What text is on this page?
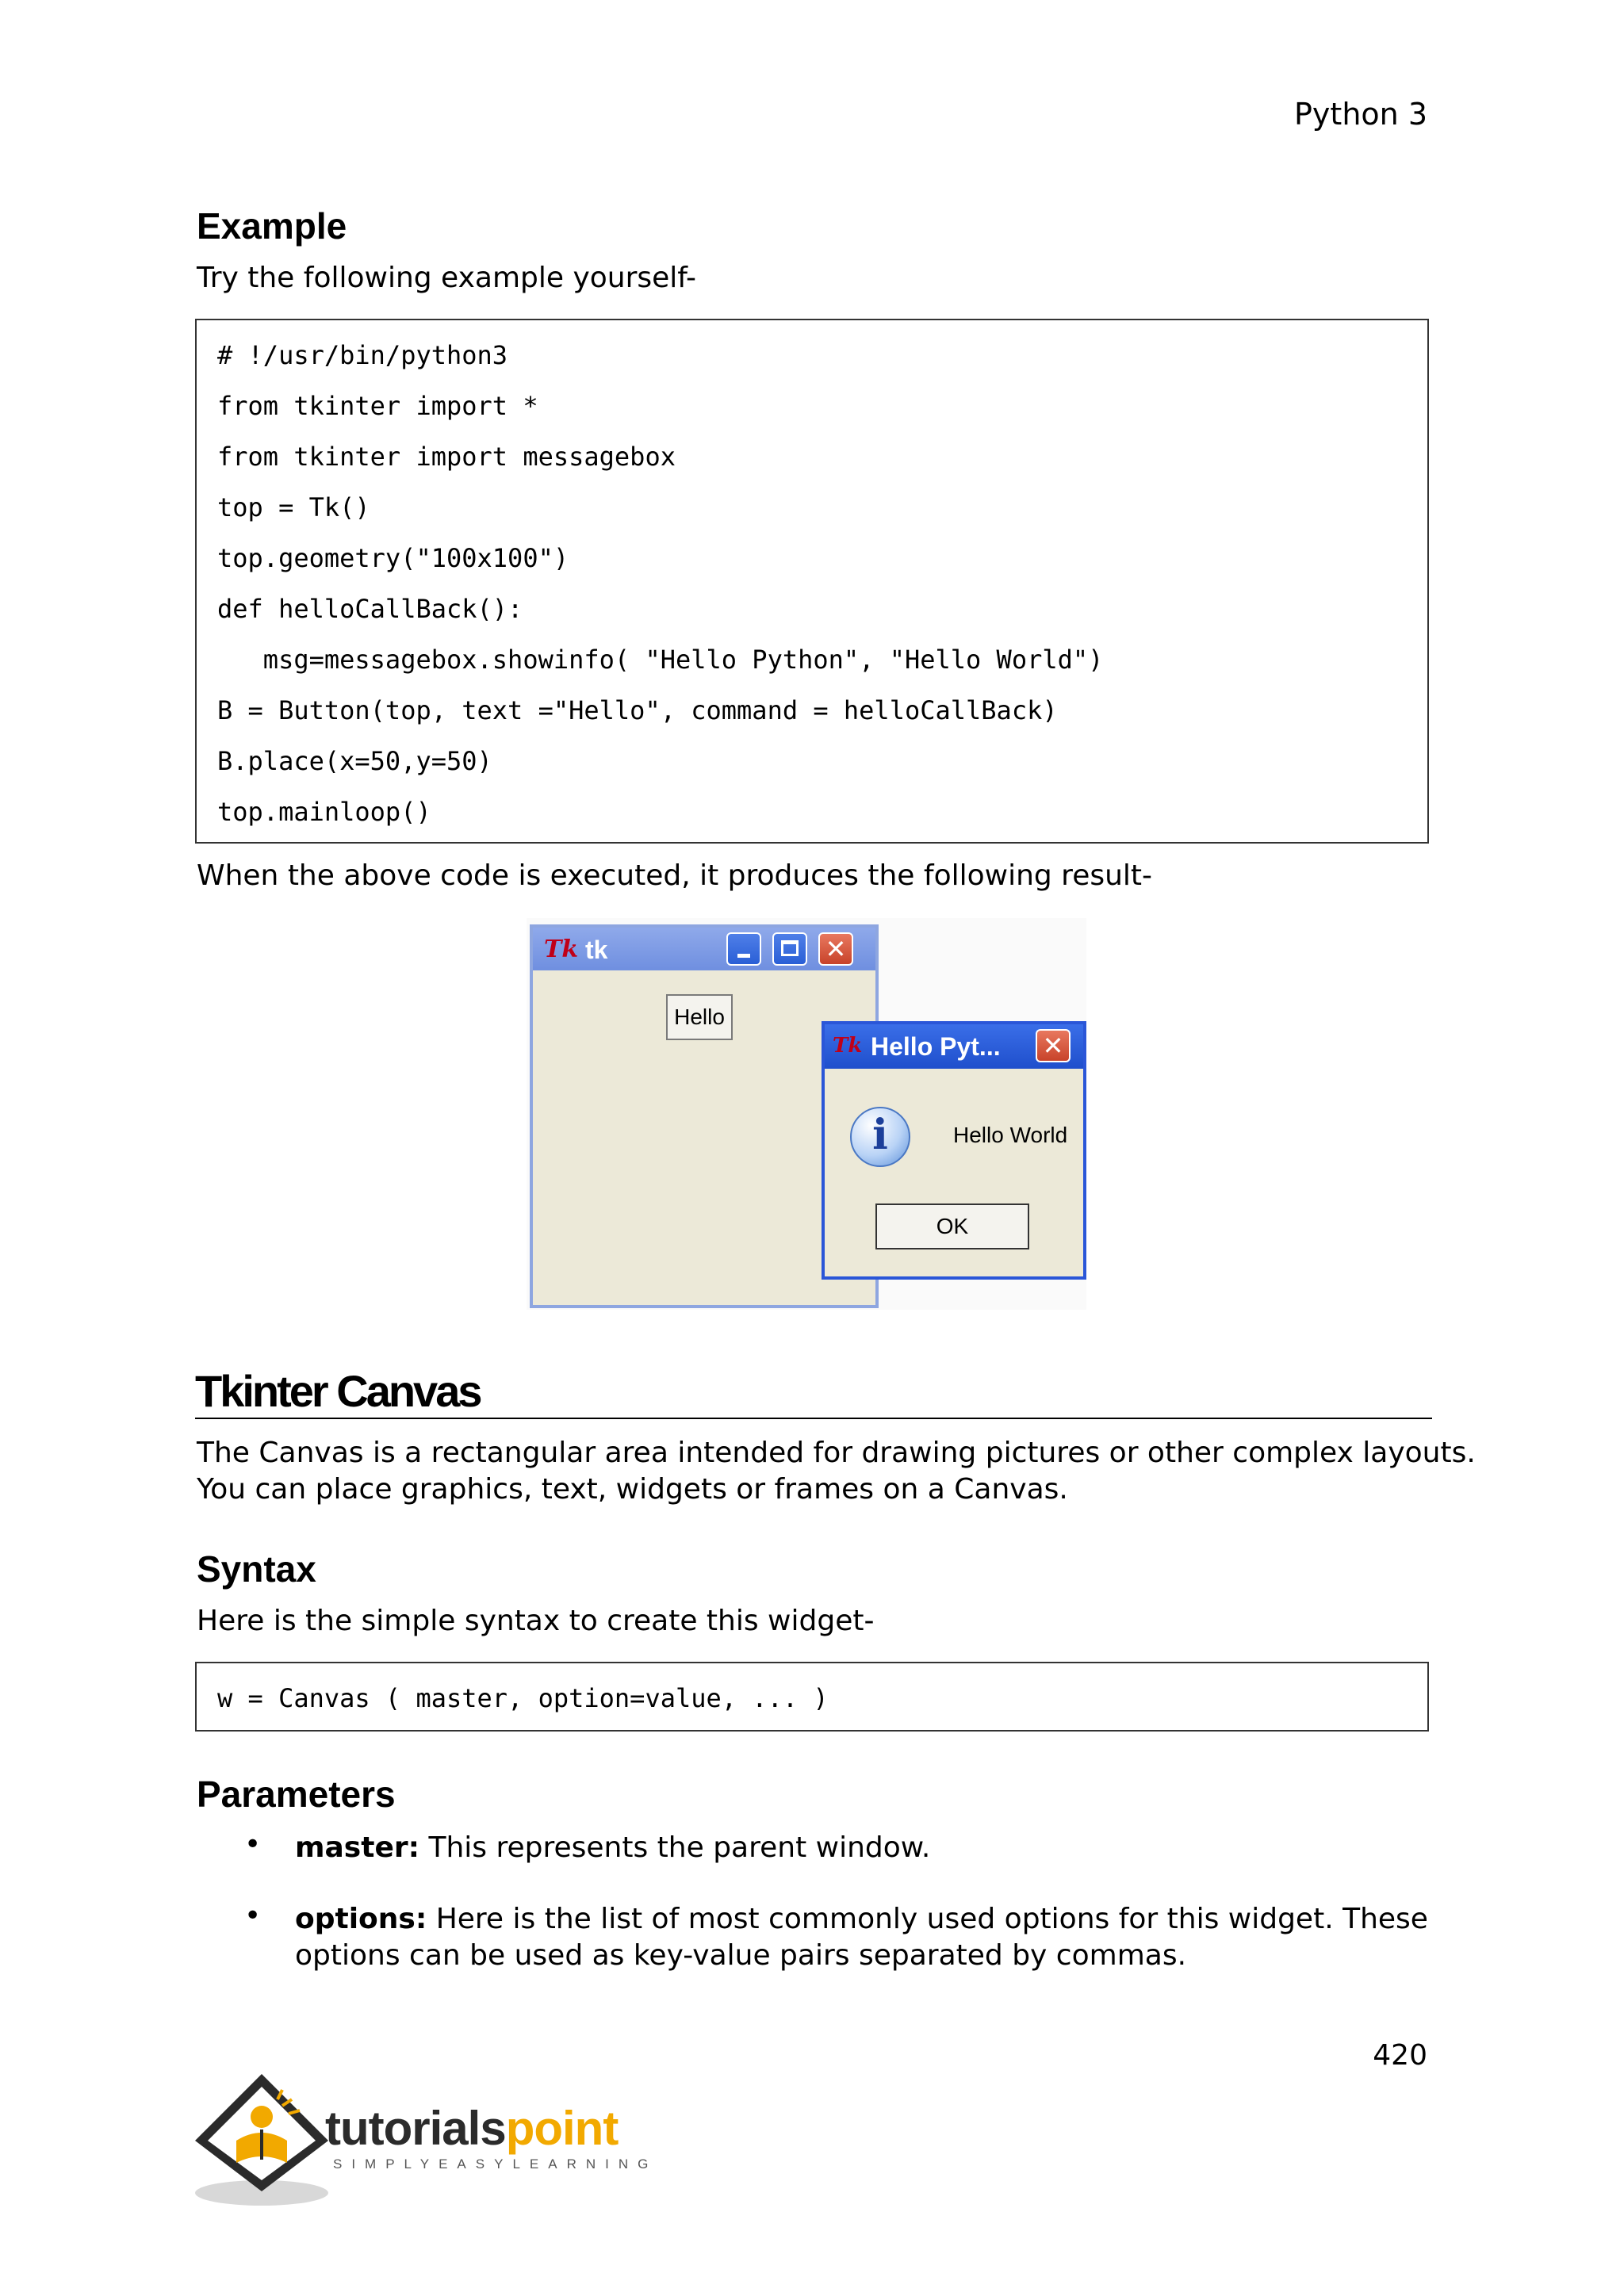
Python 3
Example
Try the following example yourself-
# !/usr/bin/python3
from tkinter import *
from tkinter import messagebox
top = Tk()
top.geometry("100x100")
def helloCallBack():
msg=messagebox.showinfo( "Hello Python", "Hello World")
B = Button(top, text ="Hello", command = helloCallBack)
B.place(x=50,y=50)
top.mainloop()
When the above code is executed, it produces the following result-
Tk tk	✕
Hello
Tk Hello Pyt... ✕
i	Hello World
OK
Tkinter Canvas
The Canvas is a rectangular area intended for drawing pictures or other complex layouts.
You can place graphics, text, widgets or frames on a Canvas.
Syntax
Here is the simple syntax to create this widget-
w = Canvas ( master, option=value, ... )
Parameters
• master: This represents the parent window.
• options: Here is the list of most commonly used options for this widget. These
options can be used as key-value pairs separated by commas.
420
tutorialspoint
SIMPLYEASYLEARNING
